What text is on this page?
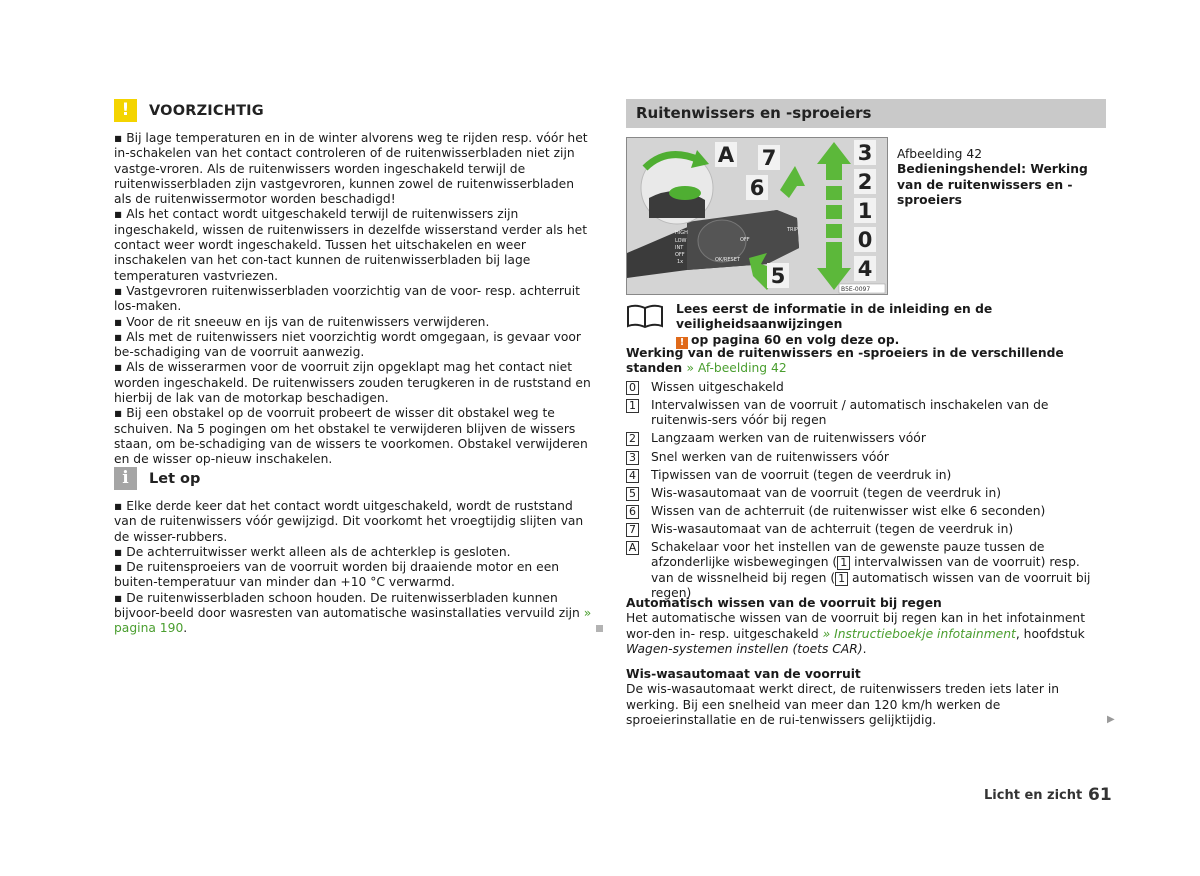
!	VOORZICHTIG

▪ Bij lage temperaturen en in de winter alvorens weg te rijden resp. vóór het in-schakelen van het contact controleren of de ruitenwisserbladen niet zijn vastge-vroren. Als de ruitenwissers worden ingeschakeld terwijl de ruitenwisserbladen zijn vastgevroren, kunnen zowel de ruitenwisserbladen als de ruitenwissermotor worden beschadigd!

▪ Als het contact wordt uitgeschakeld terwijl de ruitenwissers zijn ingeschakeld, wissen de ruitenwissers in dezelfde wisserstand verder als het contact weer wordt ingeschakeld. Tussen het uitschakelen en weer inschakelen van het con-tact kunnen de ruitenwisserbladen bij lage temperaturen vastvriezen.

▪ Vastgevroren ruitenwisserbladen voorzichtig van de voor- resp. achterruit los-maken.

▪ Voor de rit sneeuw en ijs van de ruitenwissers verwijderen.

▪ Als met de ruitenwissers niet voorzichtig wordt omgegaan, is gevaar voor be-schadiging van de voorruit aanwezig.

▪ Als de wisserarmen voor de voorruit zijn opgeklapt mag het contact niet worden ingeschakeld. De ruitenwissers zouden terugkeren in de ruststand en hierbij de lak van de motorkap beschadigen.

▪ Bij een obstakel op de voorruit probeert de wisser dit obstakel weg te schuiven. Na 5 pogingen om het obstakel te verwijderen blijven de wissers staan, om be-schadiging van de wissers te voorkomen. Obstakel verwijderen en de wisser op-nieuw inschakelen.

i	Let op

▪ Elke derde keer dat het contact wordt uitgeschakeld, wordt de ruststand van de ruitenwissers vóór gewijzigd. Dit voorkomt het vroegtijdig slijten van de wisser-rubbers.

▪ De achterruitwisser werkt alleen als de achterklep is gesloten.

▪ De ruitensproeiers van de voorruit worden bij draaiende motor en een buiten-temperatuur van minder dan +10 °C verwarmd.

▪ De ruitenwisserbladen schoon houden. De ruitenwisserbladen kunnen bijvoor-beeld door wasresten van automatische wasinstallaties vervuild zijn » pagina 190.

Ruitenwissers en -sproeiers
HIGH
LOW
INT
OFF
1x	OK/RESET
OFF
TRIP
A 7
6
5
3
2
1
0
4
B5E-0097
Afbeelding 42
Bedieningshendel: Werking van de ruitenwissers en -sproeiers
Lees eerst de informatie in de inleiding en de veiligheidsaanwijzingen
! op pagina 60 en volg deze op.
Werking van de ruitenwissers en -sproeiers in de verschillende standen » Af-beelding 42
0 Wissen uitgeschakeld
1 Intervalwissen van de voorruit / automatisch inschakelen van de ruitenwis-sers vóór bij regen
2 Langzaam werken van de ruitenwissers vóór
3 Snel werken van de ruitenwissers vóór
4 Tipwissen van de voorruit (tegen de veerdruk in)
5 Wis-wasautomaat van de voorruit (tegen de veerdruk in)
6 Wissen van de achterruit (de ruitenwisser wist elke 6 seconden)
7 Wis-wasautomaat van de achterruit (tegen de veerdruk in)
A Schakelaar voor het instellen van de gewenste pauze tussen de afzonderlijke wisbewegingen ( 1 intervalwissen van de voorruit) resp. van de wissnelheid bij regen ( 1 automatisch wissen van de voorruit bij regen)
Automatisch wissen van de voorruit bij regen
Het automatische wissen van de voorruit bij regen kan in het infotainment wor-den in- resp. uitgeschakeld » Instructieboekje infotainment, hoofdstuk Wagen-systemen instellen (toets CAR).
Wis-wasautomaat van de voorruit
De wis-wasautomaat werkt direct, de ruitenwissers treden iets later in werking. Bij een snelheid van meer dan 120 km/h werken de sproeierinstallatie en de rui-tenwissers gelijktijdig.	▶
Licht en zicht 61
